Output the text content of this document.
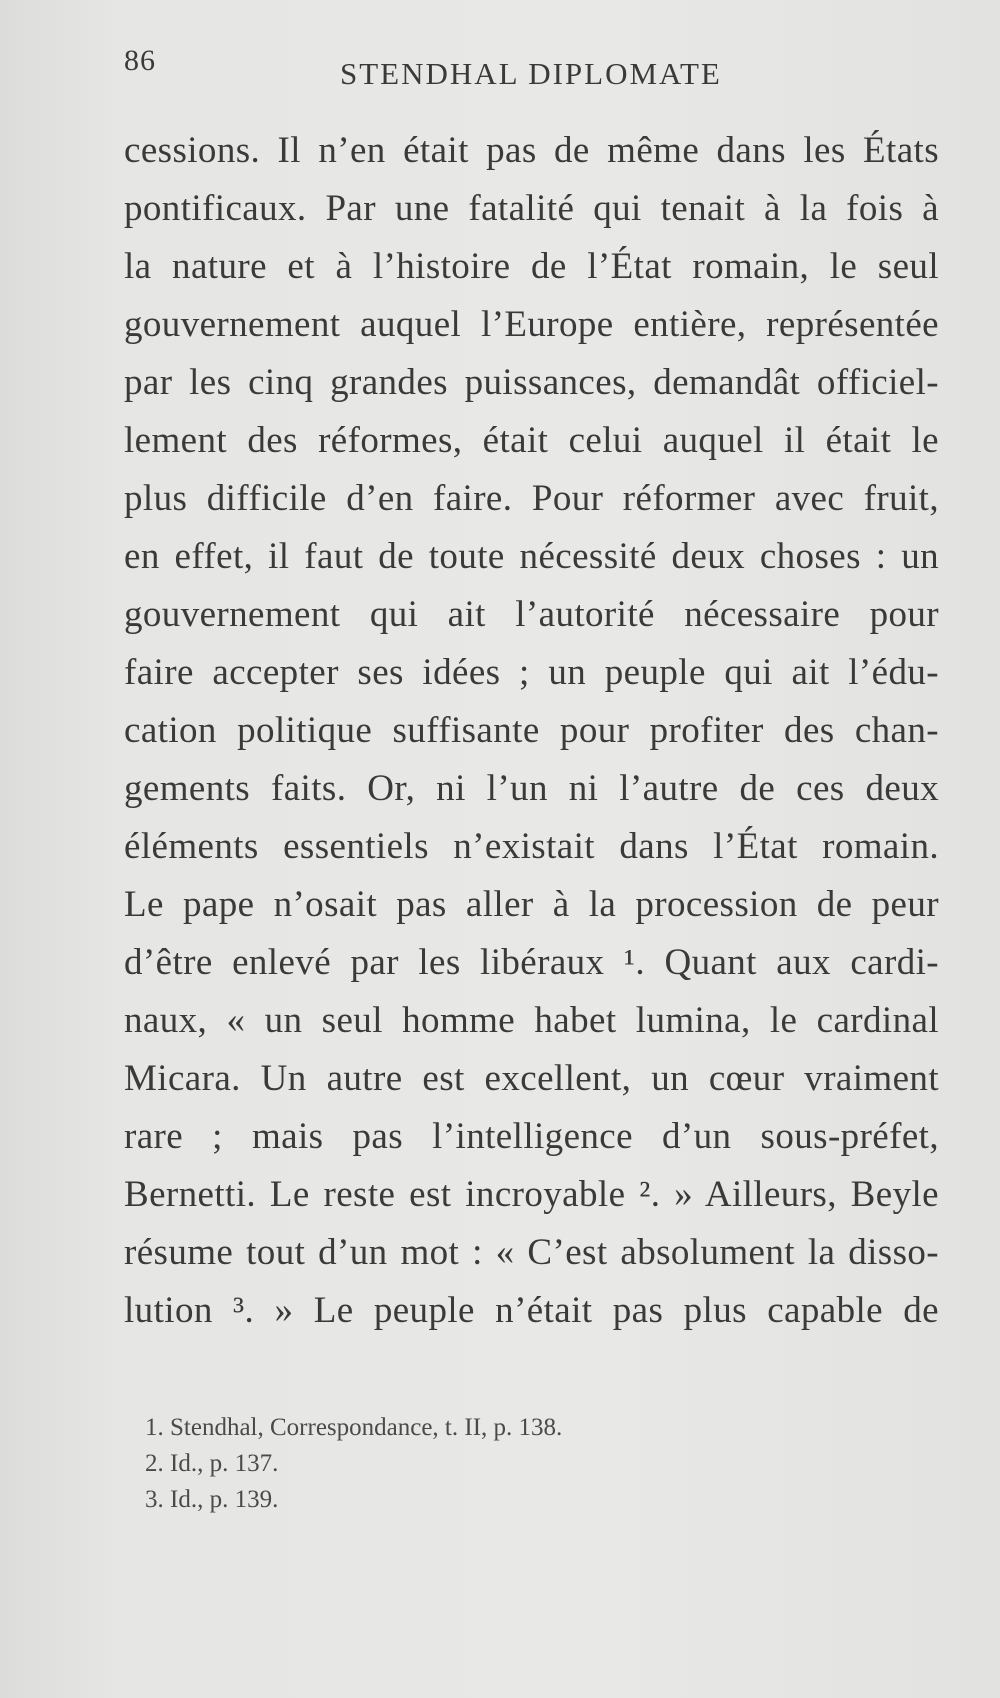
86	STENDHAL DIPLOMATE
cessions. Il n’en était pas de même dans les États
pontificaux. Par une fatalité qui tenait à la fois à
la nature et à l’histoire de l’État romain, le seul
gouvernement auquel l’Europe entière, représentée
par les cinq grandes puissances, demandât officiel-
lement des réformes, était celui auquel il était le
plus difficile d’en faire. Pour réformer avec fruit,
en effet, il faut de toute nécessité deux choses : un
gouvernement qui ait l’autorité nécessaire pour
faire accepter ses idées ; un peuple qui ait l’édu-
cation politique suffisante pour profiter des chan-
gements faits. Or, ni l’un ni l’autre de ces deux
éléments essentiels n’existait dans l’État romain.
Le pape n’osait pas aller à la procession de peur
d’être enlevé par les libéraux ¹. Quant aux cardi-
naux, « un seul homme habet lumina, le cardinal
Micara. Un autre est excellent, un cœur vraiment
rare ; mais pas l’intelligence d’un sous-préfet,
Bernetti. Le reste est incroyable ². » Ailleurs, Beyle
résume tout d’un mot : « C’est absolument la disso-
lution ³. » Le peuple n’était pas plus capable de
1. Stendhal, Correspondance, t. II, p. 138.
2. Id., p. 137.
3. Id., p. 139.
